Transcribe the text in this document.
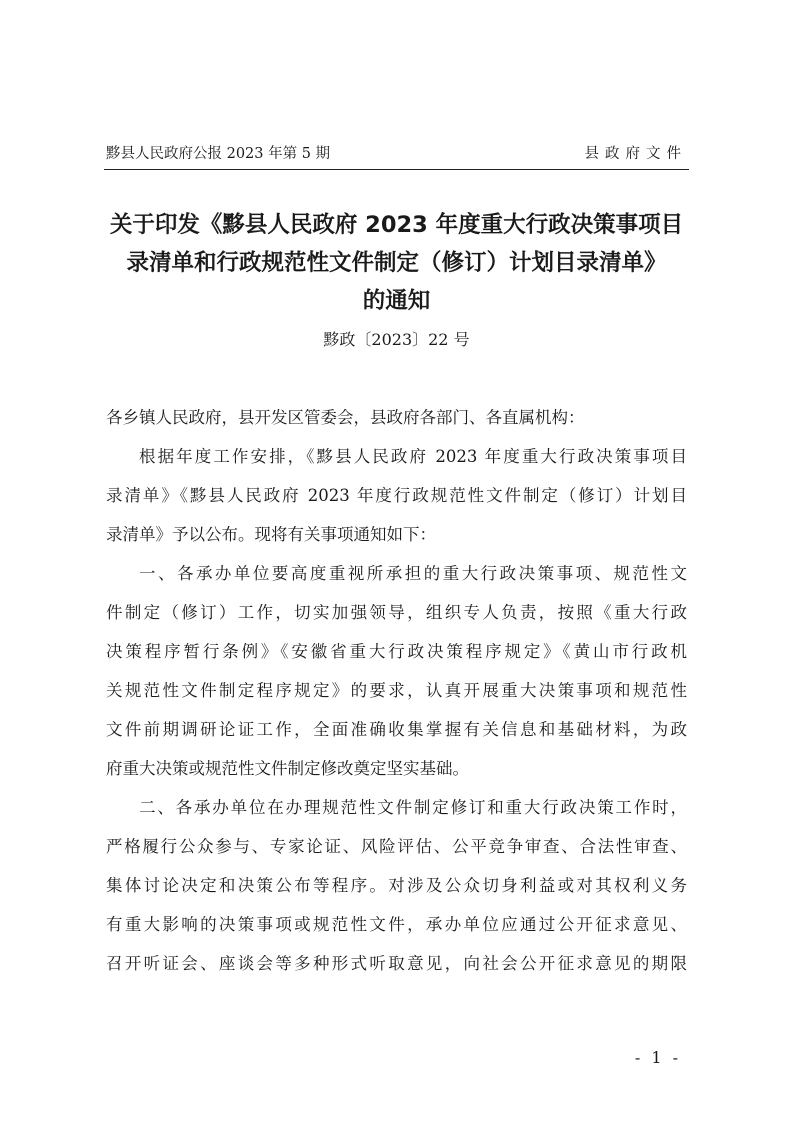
黟县人民政府公报 2023 年第 5 期	县政府文件
关于印发《黟县人民政府 2023 年度重大行政决策事项目
录清单和行政规范性文件制定（修订）计划目录清单》
的通知
黟政〔2023〕22 号

各乡镇人民政府，县开发区管委会，县政府各部门、各直属机构：

根据年度工作安排，《黟县人民政府 2023 年度重大行政决策事项目

录清单》《黟县人民政府 2023 年度行政规范性文件制定（修订）计划目

录清单》予以公布。现将有关事项通知如下：

一、各承办单位要高度重视所承担的重大行政决策事项、规范性文

件制定（修订）工作，切实加强领导，组织专人负责，按照《重大行政

决策程序暂行条例》《安徽省重大行政决策程序规定》《黄山市行政机

关规范性文件制定程序规定》的要求，认真开展重大决策事项和规范性

文件前期调研论证工作，全面准确收集掌握有关信息和基础材料，为政

府重大决策或规范性文件制定修改奠定坚实基础。

二、各承办单位在办理规范性文件制定修订和重大行政决策工作时，

严格履行公众参与、专家论证、风险评估、公平竞争审查、合法性审查、

集体讨论决定和决策公布等程序。对涉及公众切身利益或对其权利义务

有重大影响的决策事项或规范性文件，承办单位应通过公开征求意见、

召开听证会、座谈会等多种形式听取意见，向社会公开征求意见的期限

- 1 -
